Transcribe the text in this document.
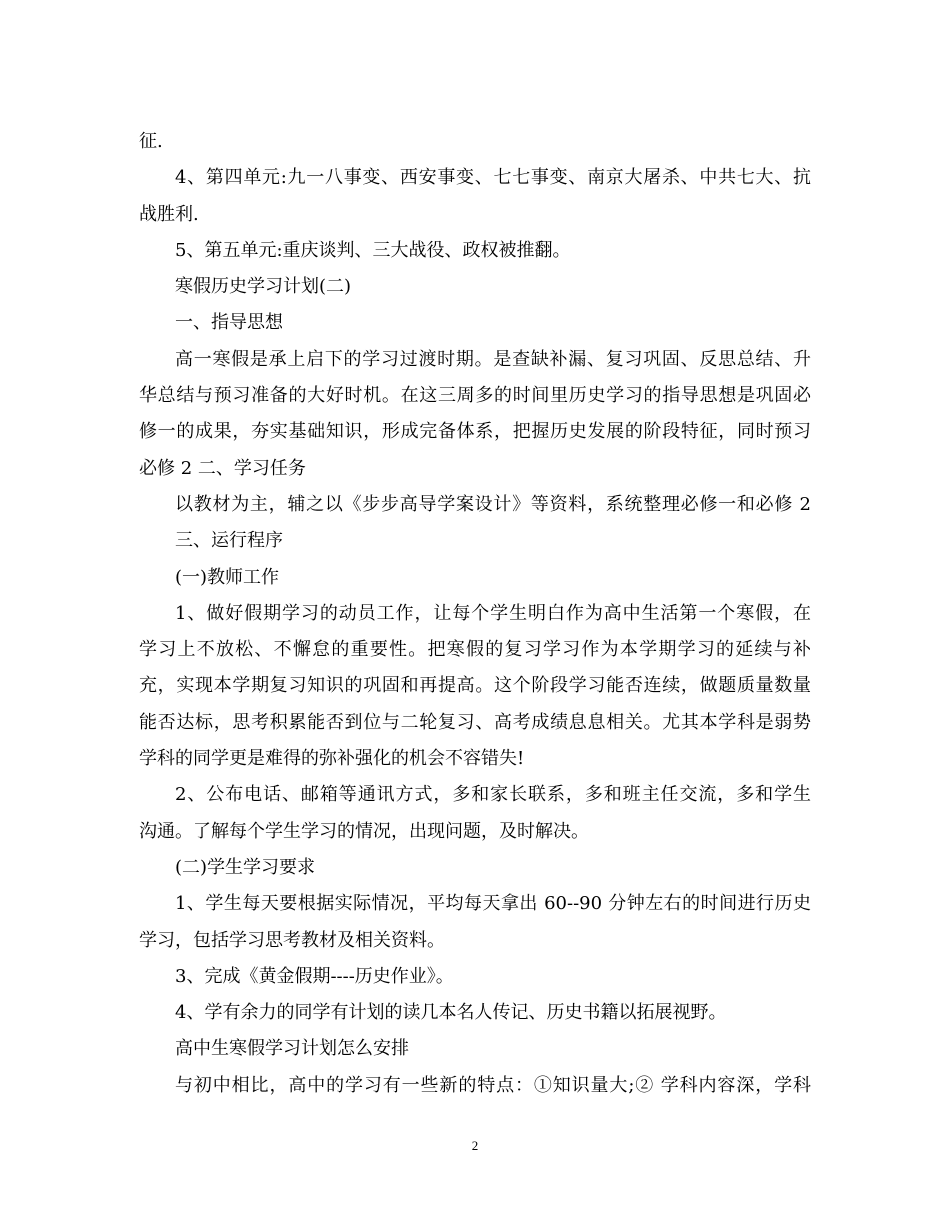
征.
4、第四单元:九一八事变、西安事变、七七事变、南京大屠杀、中共七大、抗
战胜利.
5、第五单元:重庆谈判、三大战役、政权被推翻。
寒假历史学习计划(二)
一、指导思想
高一寒假是承上启下的学习过渡时期。是查缺补漏、复习巩固、反思总结、升
华总结与预习准备的大好时机。在这三周多的时间里历史学习的指导思想是巩固必
修一的成果，夯实基础知识，形成完备体系，把握历史发展的阶段特征，同时预习
必修 2 二、学习任务
以教材为主，辅之以《步步高导学案设计》等资料，系统整理必修一和必修 2
三、运行程序
(一)教师工作
1、做好假期学习的动员工作，让每个学生明白作为高中生活第一个寒假，在
学习上不放松、不懈怠的重要性。把寒假的复习学习作为本学期学习的延续与补
充，实现本学期复习知识的巩固和再提高。这个阶段学习能否连续，做题质量数量
能否达标，思考积累能否到位与二轮复习、高考成绩息息相关。尤其本学科是弱势
学科的同学更是难得的弥补强化的机会不容错失!
2、公布电话、邮箱等通讯方式，多和家长联系，多和班主任交流，多和学生
沟通。了解每个学生学习的情况，出现问题，及时解决。
(二)学生学习要求
1、学生每天要根据实际情况，平均每天拿出 60--90 分钟左右的时间进行历史
学习，包括学习思考教材及相关资料。
3、完成《黄金假期----历史作业》。
4、学有余力的同学有计划的读几本名人传记、历史书籍以拓展视野。
高中生寒假学习计划怎么安排
与初中相比，高中的学习有一些新的特点：①知识量大;② 学科内容深，学科
2
